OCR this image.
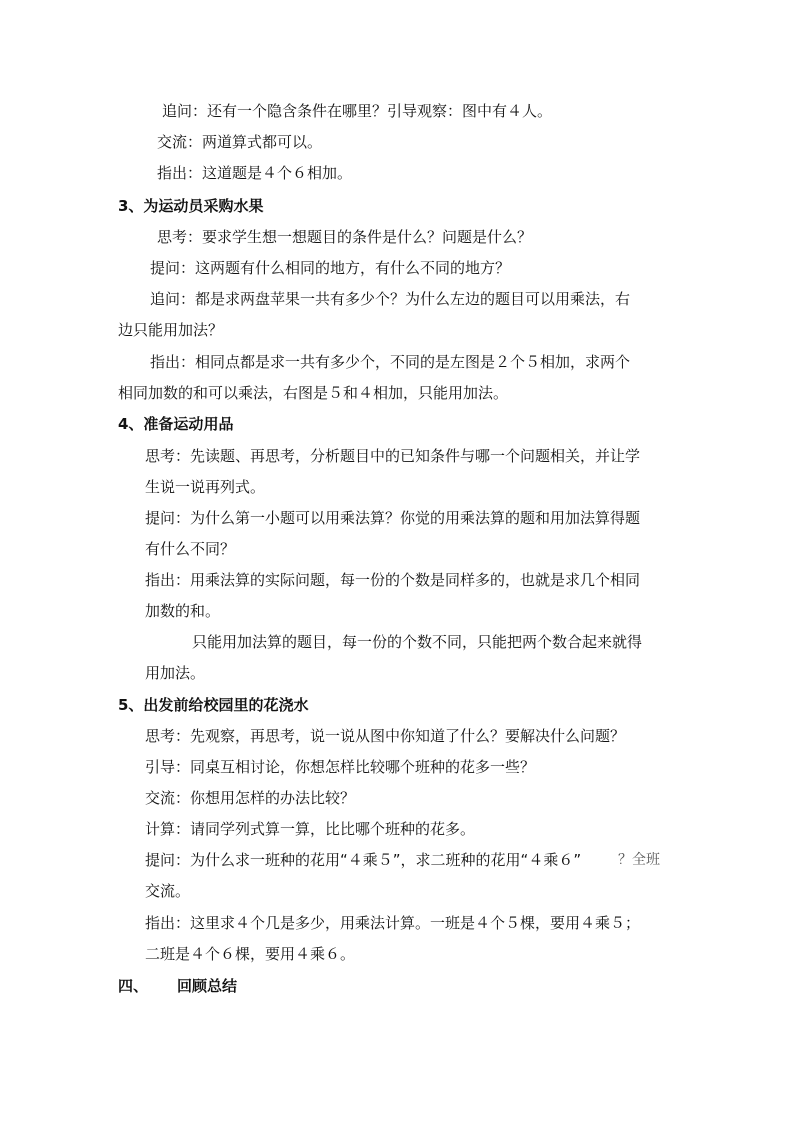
追问：还有一个隐含条件在哪里？引导观察：图中有４人。
交流：两道算式都可以。
指出：这道题是４个６相加。
3、为运动员采购水果
思考：要求学生想一想题目的条件是什么？问题是什么？
提问：这两题有什么相同的地方，有什么不同的地方？
追问：都是求两盘苹果一共有多少个？为什么左边的题目可以用乘法，右
边只能用加法？
指出：相同点都是求一共有多少个，不同的是左图是２个５相加，求两个
相同加数的和可以乘法，右图是５和４相加，只能用加法。
4、准备运动用品
思考：先读题、再思考，分析题目中的已知条件与哪一个问题相关，并让学
生说一说再列式。
提问：为什么第一小题可以用乘法算？你觉的用乘法算的题和用加法算得题
有什么不同？
指出：用乘法算的实际问题，每一份的个数是同样多的，也就是求几个相同
加数的和。
只能用加法算的题目，每一份的个数不同，只能把两个数合起来就得
用加法。
5、出发前给校园里的花浇水
思考：先观察，再思考，说一说从图中你知道了什么？要解决什么问题？
引导：同桌互相讨论，你想怎样比较哪个班种的花多一些？
交流：你想用怎样的办法比较？
计算：请同学列式算一算，比比哪个班种的花多。
提问：为什么求一班种的花用“４乘５”，求二班种的花用“４乘６”	？全班
交流。
指出：这里求４个几是多少，用乘法计算。一班是４个５棵，要用４乘５；
二班是４个６棵，要用４乘６。
四、 回顾总结
